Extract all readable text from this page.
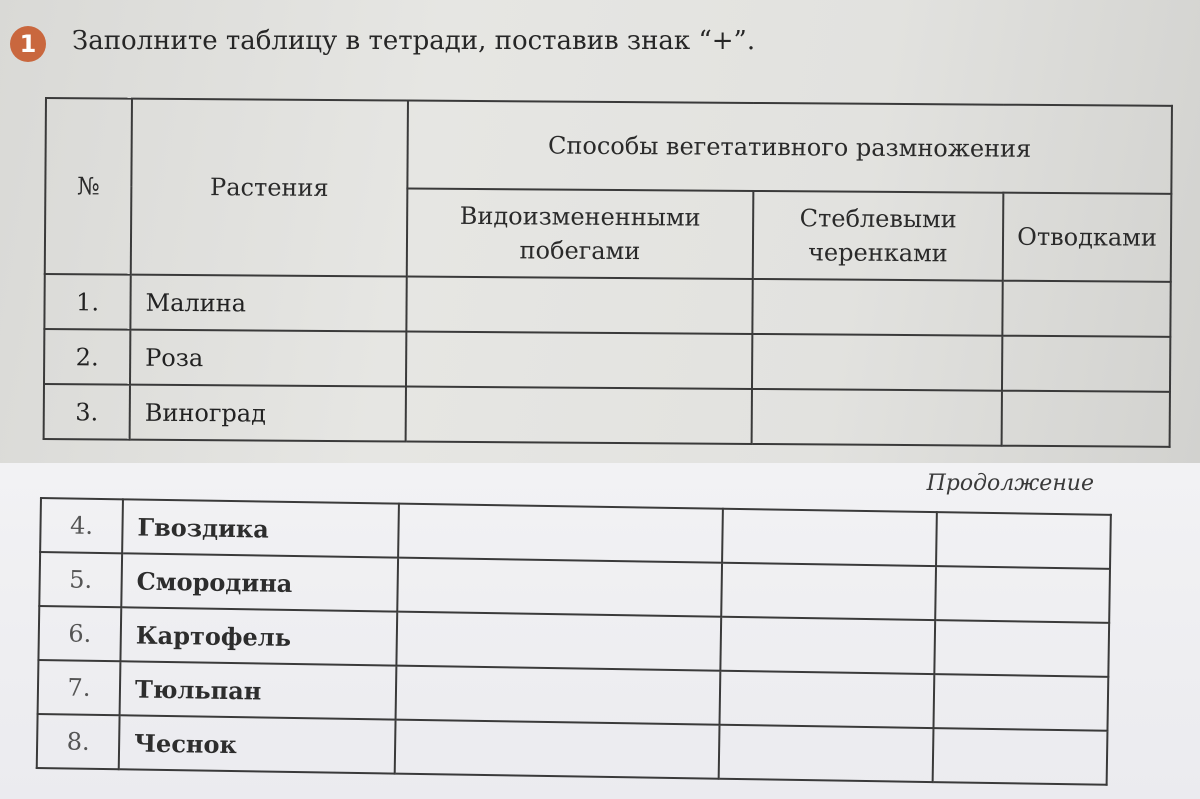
1	Заполните таблицу в тетради, поставив знак “+”.
№	Растения	Способы вегетативного размножения		
		Видоизмененными побегами	Стеблевыми черенками	Отводками
1.	Малина			
2.	Роза			
3.	Виноград			
Продолжение
4.	Гвоздика			
5.	Смородина			
6.	Картофель			
7.	Тюльпан			
8.	Чеснок			
